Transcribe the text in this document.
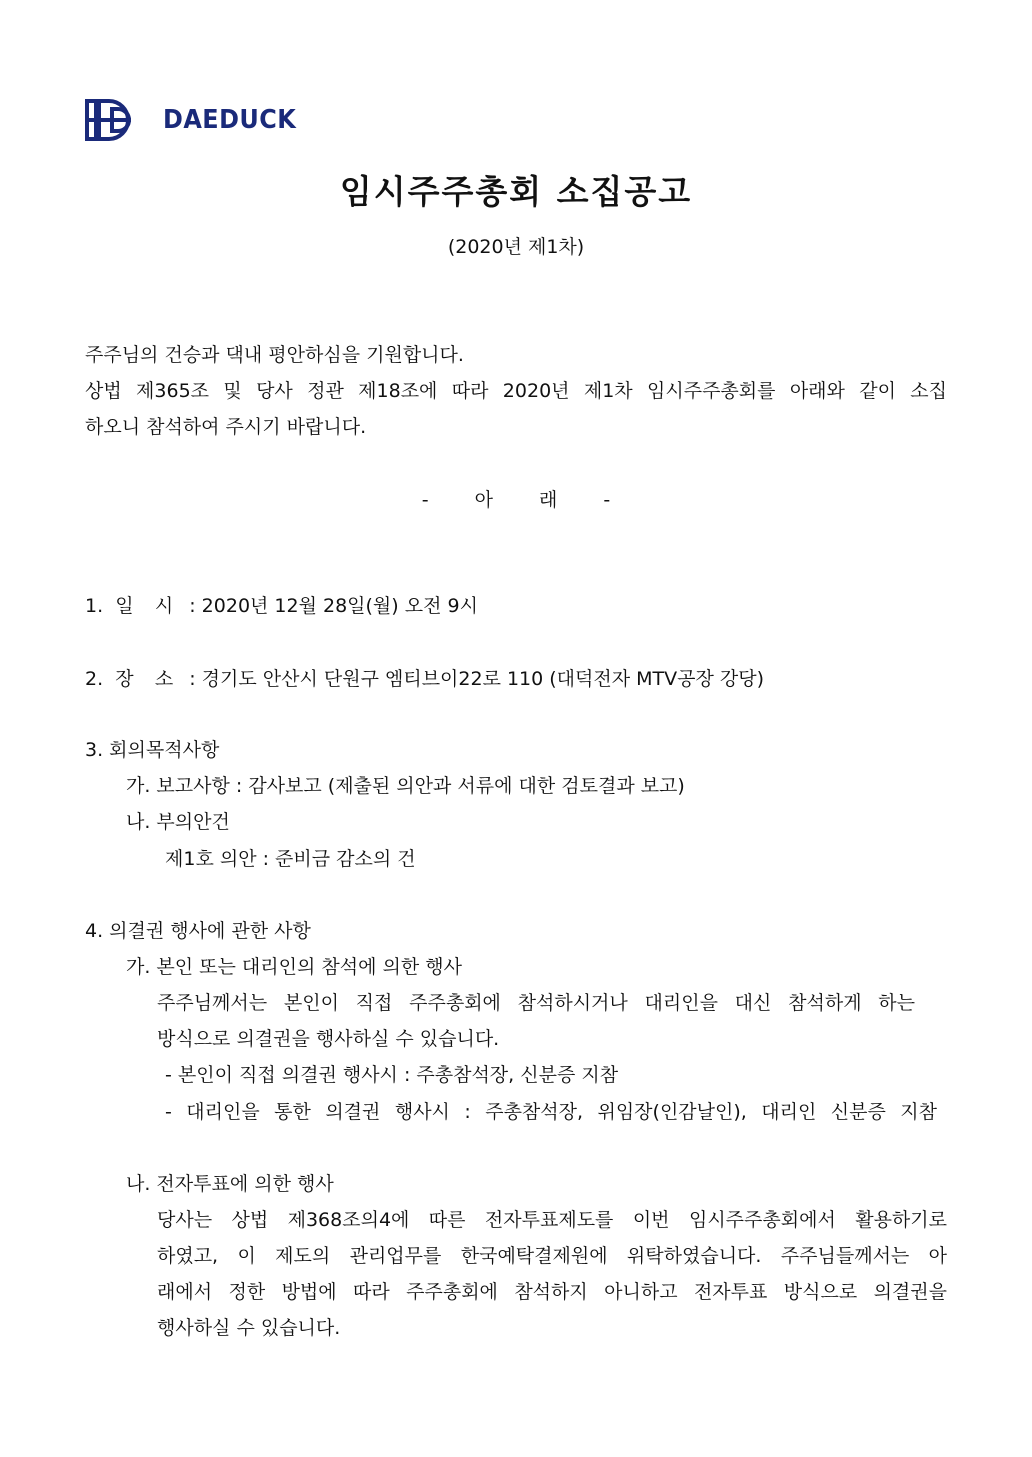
DAEDUCK
임시주주총회 소집공고
(2020년 제1차)
주주님의 건승과 댁내 평안하심을 기원합니다.
상법 제365조 및 당사 정관 제18조에 따라 2020년 제1차 임시주주총회를 아래와 같이 소집
하오니 참석하여 주시기 바랍니다.
- 아 래 -
1. 일 시 : 2020년 12월 28일(월) 오전 9시
2. 장 소 : 경기도 안산시 단원구 엠티브이22로 110 (대덕전자 MTV공장 강당)
3. 회의목적사항
가. 보고사항 : 감사보고 (제출된 의안과 서류에 대한 검토결과 보고)
나. 부의안건
제1호 의안 : 준비금 감소의 건
4. 의결권 행사에 관한 사항
가. 본인 또는 대리인의 참석에 의한 행사
주주님께서는 본인이 직접 주주총회에 참석하시거나 대리인을 대신 참석하게 하는
방식으로 의결권을 행사하실 수 있습니다.
- 본인이 직접 의결권 행사시 : 주총참석장, 신분증 지참
- 대리인을 통한 의결권 행사시 : 주총참석장, 위임장(인감날인), 대리인 신분증 지참
나. 전자투표에 의한 행사
당사는 상법 제368조의4에 따른 전자투표제도를 이번 임시주주총회에서 활용하기로
하였고, 이 제도의 관리업무를 한국예탁결제원에 위탁하였습니다. 주주님들께서는 아
래에서 정한 방법에 따라 주주총회에 참석하지 아니하고 전자투표 방식으로 의결권을
행사하실 수 있습니다.
